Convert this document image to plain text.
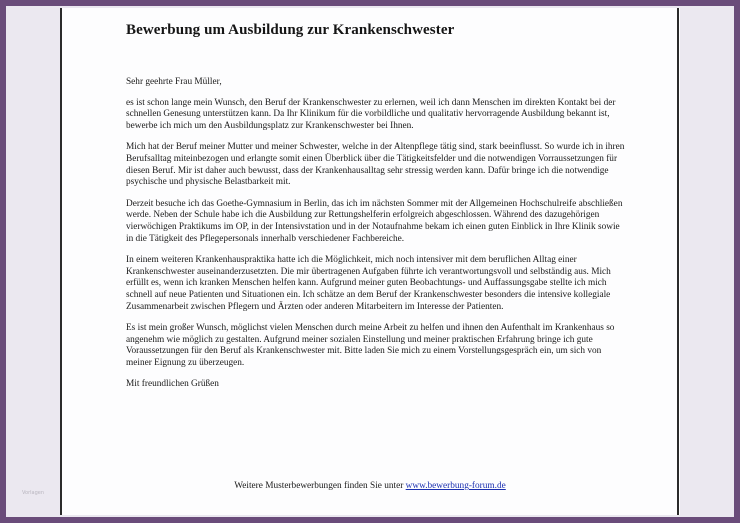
Bewerbung um Ausbildung zur Krankenschwester

Sehr geehrte Frau Müller,

es ist schon lange mein Wunsch, den Beruf der Krankenschwester zu erlernen, weil ich dann Menschen im direkten Kontakt bei der schnellen Genesung unterstützen kann. Da Ihr Klinikum für die vorbildliche und qualitativ hervorragende Ausbildung bekannt ist, bewerbe ich mich um den Ausbildungsplatz zur Krankenschwester bei Ihnen.

Mich hat der Beruf meiner Mutter und meiner Schwester, welche in der Altenpflege tätig sind, stark beeinflusst. So wurde ich in ihren Berufsalltag miteinbezogen und erlangte somit einen Überblick über die Tätigkeitsfelder und die notwendigen Vorraussetzungen für diesen Beruf. Mir ist daher auch bewusst, dass der Krankenhausalltag sehr stressig werden kann. Dafür bringe ich die notwendige psychische und physische Belastbarkeit mit.

Derzeit besuche ich das Goethe-Gymnasium in Berlin, das ich im nächsten Sommer mit der Allgemeinen Hochschulreife abschließen werde. Neben der Schule habe ich die Ausbildung zur Rettungshelferin erfolgreich abgeschlossen. Während des dazugehörigen vierwöchigen Praktikums im OP, in der Intensivstation und in der Notaufnahme bekam ich einen guten Einblick in Ihre Klinik sowie in die Tätigkeit des Pflegepersonals innerhalb verschiedener Fachbereiche.

In einem weiteren Krankenhauspraktika hatte ich die Möglichkeit, mich noch intensiver mit dem beruflichen Alltag einer Krankenschwester auseinanderzusetzten. Die mir übertragenen Aufgaben führte ich verantwortungsvoll und selbständig aus. Mich erfüllt es, wenn ich kranken Menschen helfen kann. Aufgrund meiner guten Beobachtungs- und Auffassungsgabe stellte ich mich schnell auf neue Patienten und Situationen ein. Ich schätze an dem Beruf der Krankenschwester besonders die intensive kollegiale Zusammenarbeit zwischen Pflegern und Ärzten oder anderen Mitarbeitern im Interesse der Patienten.

Es ist mein großer Wunsch, möglichst vielen Menschen durch meine Arbeit zu helfen und ihnen den Aufenthalt im Krankenhaus so angenehm wie möglich zu gestalten. Aufgrund meiner sozialen Einstellung und meiner praktischen Erfahrung bringe ich gute Voraussetzungen für den Beruf als Krankenschwester mit. Bitte laden Sie mich zu einem Vorstellungsgespräch ein, um sich von meiner Eignung zu überzeugen.

Mit freundlichen Grüßen

Weitere Musterbewerbungen finden Sie unter www.bewerbung-forum.de
Vorlagen
